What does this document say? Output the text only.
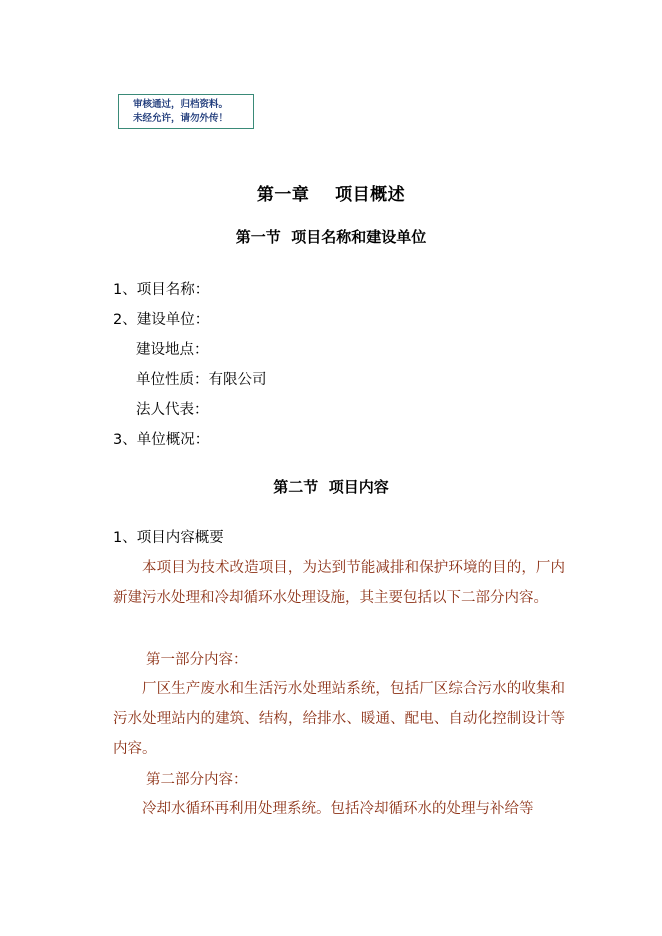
审核通过，归档资料。
未经允许，请勿外传！
第一章    项目概述
第一节  项目名称和建设单位
1、项目名称：
2、建设单位：
建设地点：
单位性质：有限公司
法人代表：
3、单位概况：
第二节  项目内容
1、项目内容概要
本项目为技术改造项目，为达到节能减排和保护环境的目的，厂内新建污水处理和冷却循环水处理设施，其主要包括以下二部分内容。
第一部分内容：
厂区生产废水和生活污水处理站系统，包括厂区综合污水的收集和污水处理站内的建筑、结构，给排水、暖通、配电、自动化控制设计等内容。
第二部分内容：
冷却水循环再利用处理系统。包括冷却循环水的处理与补给等
